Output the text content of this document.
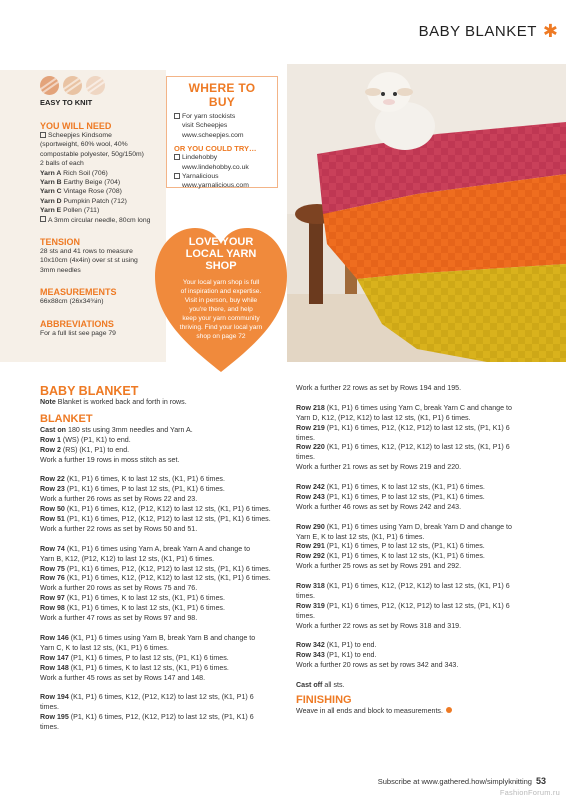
BABY BLANKET ✱
EASY TO KNIT
YOU WILL NEED
Scheepjes Kindsome
(sportweight, 60% wool, 40%
compostable polyester, 50g/150m)
2 balls of each
Yarn A Rich Soil (706)
Yarn B Earthy Beige (704)
Yarn C Vintage Rose (708)
Yarn D Pumpkin Patch (712)
Yarn E Pollen (711)
A 3mm circular needle, 80cm long
TENSION
28 sts and 41 rows to measure
10x10cm (4x4in) over st st using
3mm needles
MEASUREMENTS
66x88cm (26x34¾in)
ABBREVIATIONS
For a full list see page 79
WHERE TO BUY
For yarn stockists
visit Scheepjes
www.scheepjes.com
OR YOU COULD TRY…
Lindehobby
www.lindehobby.co.uk
Yarnalicious
www.yarnalicious.com
LOVE YOUR
LOCAL YARN
SHOP
Your local yarn shop is full
of inspiration and expertise.
Visit in person, buy while
you're there, and help
keep your yarn community
thriving. Find your local yarn
shop on page 72
BABY BLANKET

Note Blanket is worked back and forth in rows.

BLANKET

Cast on 180 sts using 3mm needles and Yarn A.

Row 1 (WS) (P1, K1) to end.

Row 2 (RS) (K1, P1) to end.

Work a further 19 rows in moss stitch as set.

Row 22 (K1, P1) 6 times, K to last 12 sts, (K1, P1) 6 times.

Row 23 (P1, K1) 6 times, P to last 12 sts, (P1, K1) 6 times.

Work a further 26 rows as set by Rows 22 and 23.

Row 50 (K1, P1) 6 times, K12, (P12, K12) to last 12 sts, (K1, P1) 6 times.

Row 51 (P1, K1) 6 times, P12, (K12, P12) to last 12 sts, (P1, K1) 6 times.

Work a further 22 rows as set by Rows 50 and 51.

Row 74 (K1, P1) 6 times using Yarn A, break Yarn A and change to

Yarn B, K12, (P12, K12) to last 12 sts, (K1, P1) 6 times.

Row 75 (P1, K1) 6 times, P12, (K12, P12) to last 12 sts, (P1, K1) 6 times.

Row 76 (K1, P1) 6 times, K12, (P12, K12) to last 12 sts, (K1, P1) 6 times.

Work a further 20 rows as set by Rows 75 and 76.

Row 97 (K1, P1) 6 times, K to last 12 sts, (K1, P1) 6 times.

Row 98 (K1, P1) 6 times, K to last 12 sts, (K1, P1) 6 times.

Work a further 47 rows as set by Rows 97 and 98.

Row 146 (K1, P1) 6 times using Yarn B, break Yarn B and change to

Yarn C, K to last 12 sts, (K1, P1) 6 times.

Row 147 (P1, K1) 6 times, P to last 12 sts, (P1, K1) 6 times.

Row 148 (K1, P1) 6 times, K to last 12 sts, (K1, P1) 6 times.

Work a further 45 rows as set by Rows 147 and 148.

Row 194 (K1, P1) 6 times, K12, (P12, K12) to last 12 sts, (K1, P1) 6

times.

Row 195 (P1, K1) 6 times, P12, (K12, P12) to last 12 sts, (P1, K1) 6

times.

Work a further 22 rows as set by Rows 194 and 195.

Row 218 (K1, P1) 6 times using Yarn C, break Yarn C and change to

Yarn D, K12, (P12, K12) to last 12 sts, (K1, P1) 6 times.

Row 219 (P1, K1) 6 times, P12, (K12, P12) to last 12 sts, (P1, K1) 6

times.

Row 220 (K1, P1) 6 times, K12, (P12, K12) to last 12 sts, (K1, P1) 6

times.

Work a further 21 rows as set by Rows 219 and 220.

Row 242 (K1, P1) 6 times, K to last 12 sts, (K1, P1) 6 times.

Row 243 (P1, K1) 6 times, P to last 12 sts, (P1, K1) 6 times.

Work a further 46 rows as set by Rows 242 and 243.

Row 290 (K1, P1) 6 times using Yarn D, break Yarn D and change to

Yarn E, K to last 12 sts, (K1, P1) 6 times.

Row 291 (P1, K1) 6 times, P to last 12 sts, (P1, K1) 6 times.

Row 292 (K1, P1) 6 times, K to last 12 sts, (K1, P1) 6 times.

Work a further 25 rows as set by Rows 291 and 292.

Row 318 (K1, P1) 6 times, K12, (P12, K12) to last 12 sts, (K1, P1) 6

times.

Row 319 (P1, K1) 6 times, P12, (K12, P12) to last 12 sts, (P1, K1) 6

times.

Work a further 22 rows as set by Rows 318 and 319.

Row 342 (K1, P1) to end.

Row 343 (P1, K1) to end.

Work a further 20 rows as set by rows 342 and 343.

Cast off all sts.

FINISHING

Weave in all ends and block to measurements.

Subscribe at www.gathered.how/simplyknitting 53
FashionForum.ru
